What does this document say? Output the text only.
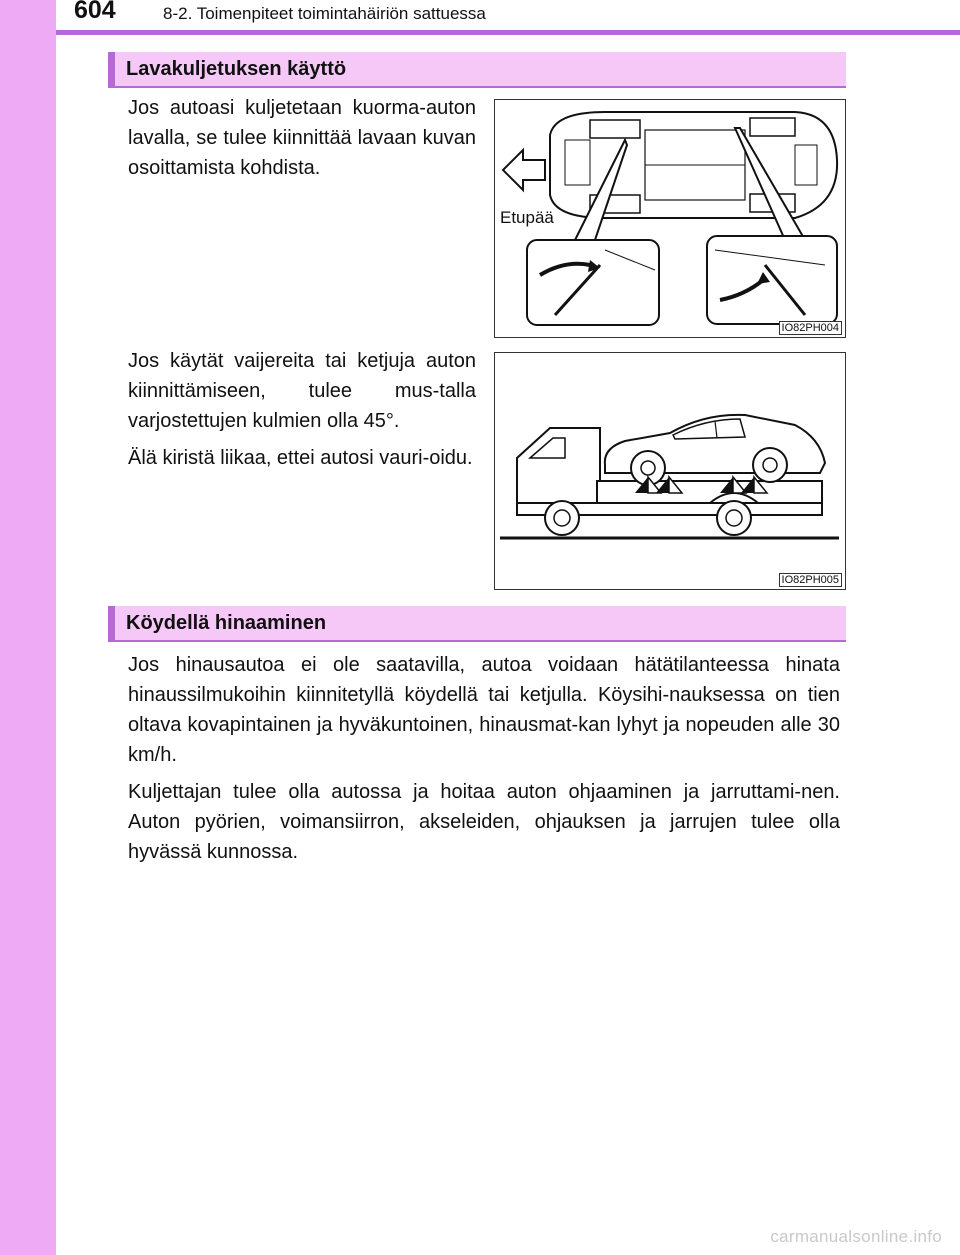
604	8-2. Toimenpiteet toimintahäiriön sattuessa
Lavakuljetuksen käyttö

Jos autoasi kuljetetaan kuorma-auton lavalla, se tulee kiinnittää lavaan kuvan osoittamista kohdista.

Etupää
IO82PH004

Jos käytät vaijereita tai ketjuja auton kiinnittämiseen, tulee mus-talla varjostettujen kulmien olla 45°.

Älä kiristä liikaa, ettei autosi vauri-oidu.

IO82PH005
Köydellä hinaaminen

Jos hinausautoa ei ole saatavilla, autoa voidaan hätätilanteessa hinata hinaussilmukoihin kiinnitetyllä köydellä tai ketjulla. Köysihi-nauksessa on tien oltava kovapintainen ja hyväkuntoinen, hinausmat-kan lyhyt ja nopeuden alle 30 km/h.

Kuljettajan tulee olla autossa ja hoitaa auton ohjaaminen ja jarruttami-nen. Auton pyörien, voimansiirron, akseleiden, ohjauksen ja jarrujen tulee olla hyvässä kunnossa.

carmanualsonline.info
